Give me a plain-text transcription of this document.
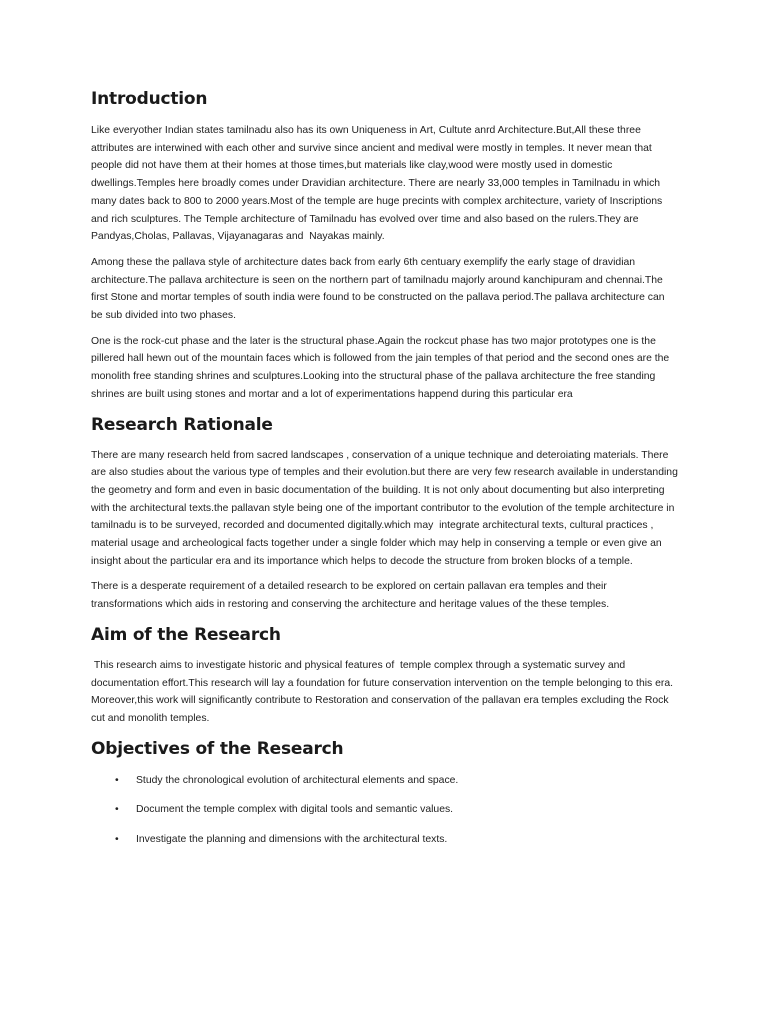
Introduction

Like everyother Indian states tamilnadu also has its own Uniqueness in Art, Cultute anrd Architecture.But,All these three attributes are interwined with each other and survive since ancient and medival were mostly in temples. It never mean that people did not have them at their homes at those times,but materials like clay,wood were mostly used in domestic dwellings.Temples here broadly comes under Dravidian architecture. There are nearly 33,000 temples in Tamilnadu in which many dates back to 800 to 2000 years.Most of the temple are huge precints with complex architecture, variety of Inscriptions and rich sculptures. The Temple architecture of Tamilnadu has evolved over time and also based on the rulers.They are Pandyas,Cholas, Pallavas, Vijayanagaras and  Nayakas mainly.

Among these the pallava style of architecture dates back from early 6th centuary exemplify the early stage of dravidian architecture.The pallava architecture is seen on the northern part of tamilnadu majorly around kanchipuram and chennai.The first Stone and mortar temples of south india were found to be constructed on the pallava period.The pallava architecture can be sub divided into two phases.

One is the rock-cut phase and the later is the structural phase.Again the rockcut phase has two major prototypes one is the pillered hall hewn out of the mountain faces which is followed from the jain temples of that period and the second ones are the monolith free standing shrines and sculptures.Looking into the structural phase of the pallava architecture the free standing shrines are built using stones and mortar and a lot of experimentations happend during this particular era

Research Rationale

There are many research held from sacred landscapes , conservation of a unique technique and deteroiating materials. There are also studies about the various type of temples and their evolution.but there are very few research available in understanding the geometry and form and even in basic documentation of the building. It is not only about documenting but also interpreting with the architectural texts.the pallavan style being one of the important contributor to the evolution of the temple architecture in tamilnadu is to be surveyed, recorded and documented digitally.which may  integrate architectural texts, cultural practices , material usage and archeological facts together under a single folder which may help in conserving a temple or even give an insight about the particular era and its importance which helps to decode the structure from broken blocks of a temple.

There is a desperate requirement of a detailed research to be explored on certain pallavan era temples and their transformations which aids in restoring and conserving the architecture and heritage values of the these temples.

Aim of the Research

This research aims to investigate historic and physical features of  temple complex through a systematic survey and documentation effort.This research will lay a foundation for future conservation intervention on the temple belonging to this era. Moreover,this work will significantly contribute to Restoration and conservation of the pallavan era temples excluding the Rock cut and monolith temples.

Objectives of the Research
• Study the chronological evolution of architectural elements and space.
• Document the temple complex with digital tools and semantic values.
• Investigate the planning and dimensions with the architectural texts.
